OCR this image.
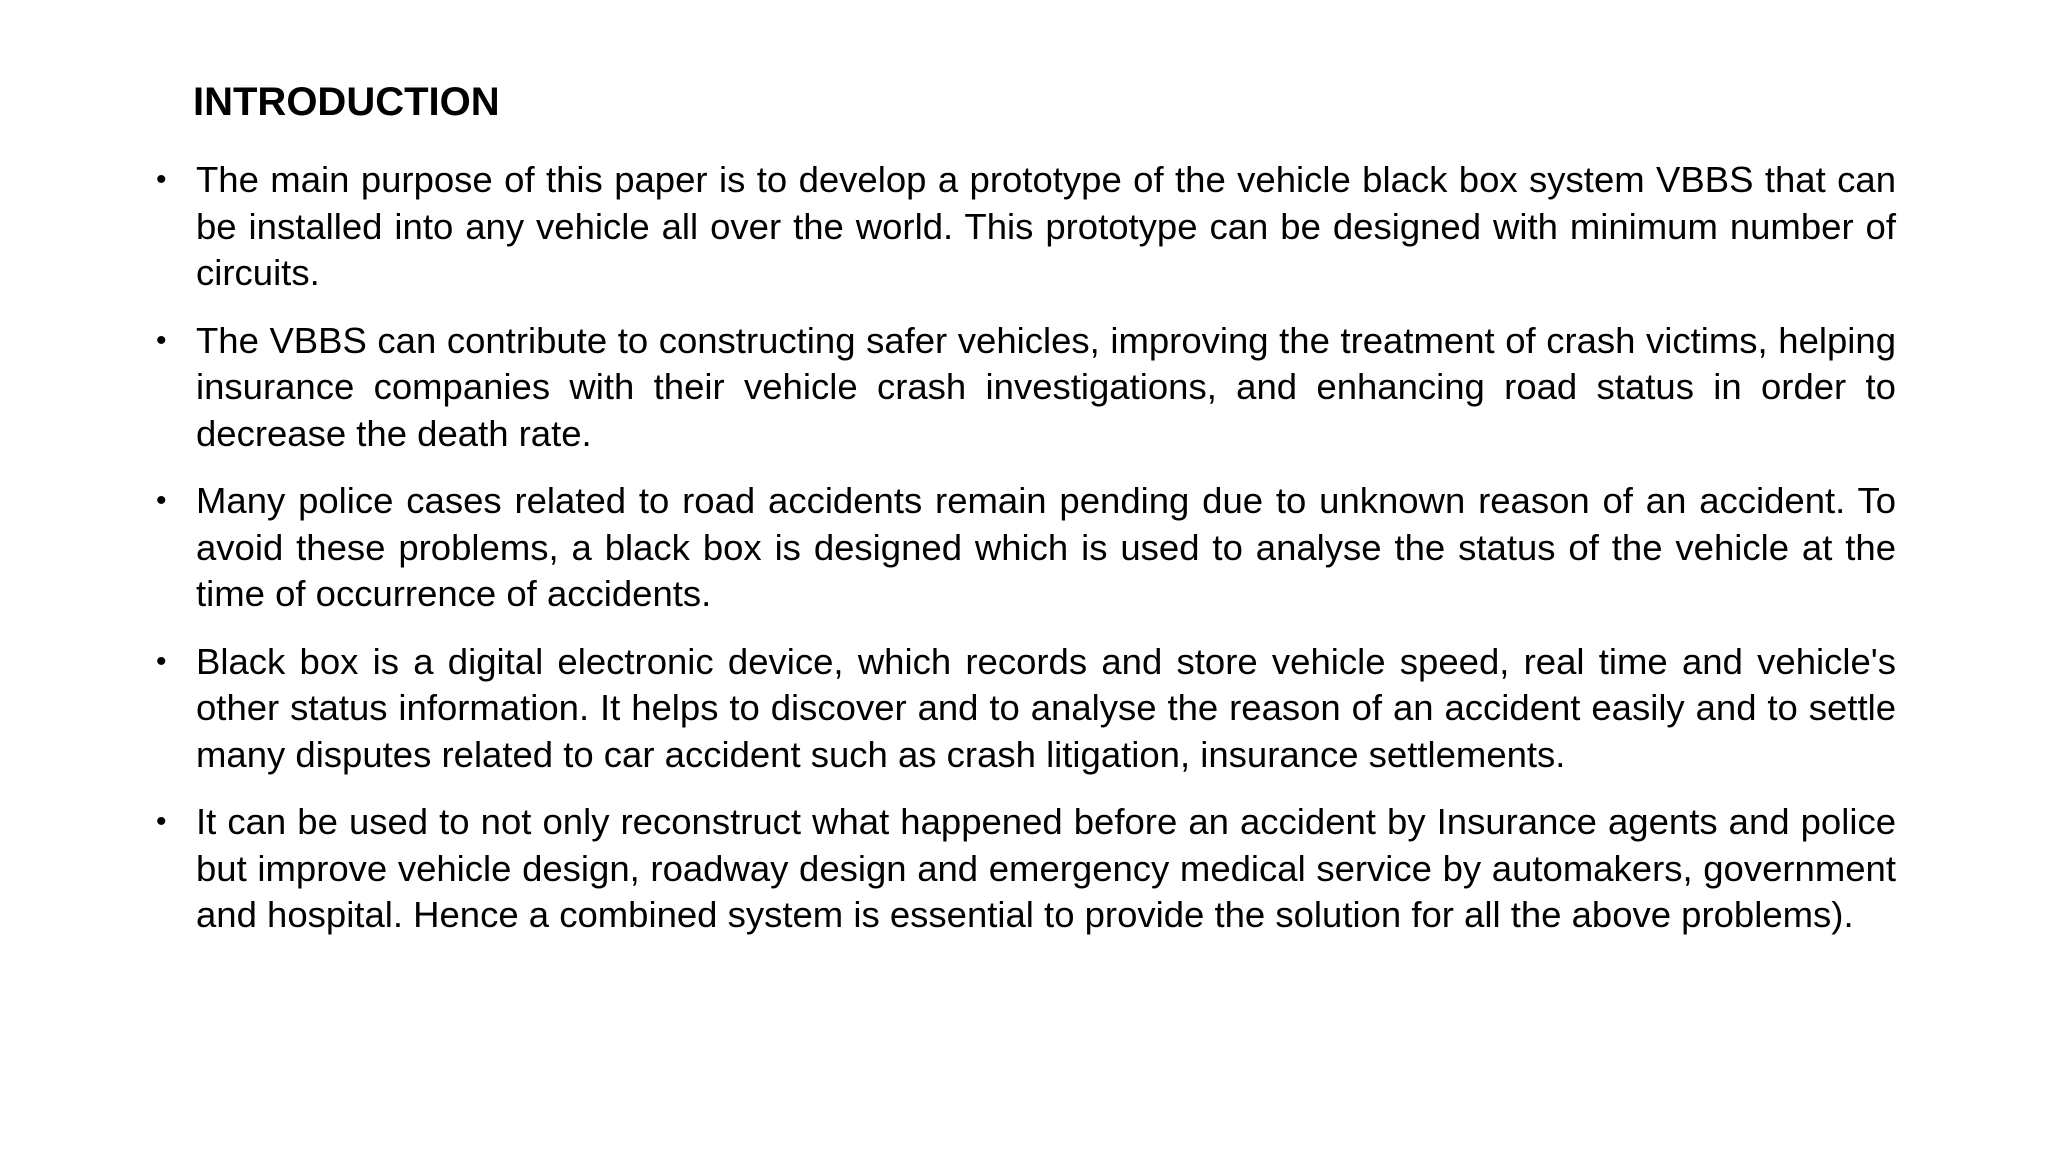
INTRODUCTION
• The main purpose of this paper is to develop a prototype of the vehicle black box system VBBS that can be installed into any vehicle all over the world. This prototype can be designed with minimum number of circuits.
• The VBBS can contribute to constructing safer vehicles, improving the treatment of crash victims, helping insurance companies with their vehicle crash investigations, and enhancing road status in order to decrease the death rate.
• Many police cases related to road accidents remain pending due to unknown reason of an accident. To avoid these problems, a black box is designed which is used to analyse the status of the vehicle at the time of occurrence of accidents.
• Black box is a digital electronic device, which records and store vehicle speed, real time and vehicle's other status information. It helps to discover and to analyse the reason of an accident easily and to settle many disputes related to car accident such as crash litigation, insurance settlements.
• It can be used to not only reconstruct what happened before an accident by Insurance agents and police but improve vehicle design, roadway design and emergency medical service by automakers, government and hospital. Hence a combined system is essential to provide the solution for all the above problems).
